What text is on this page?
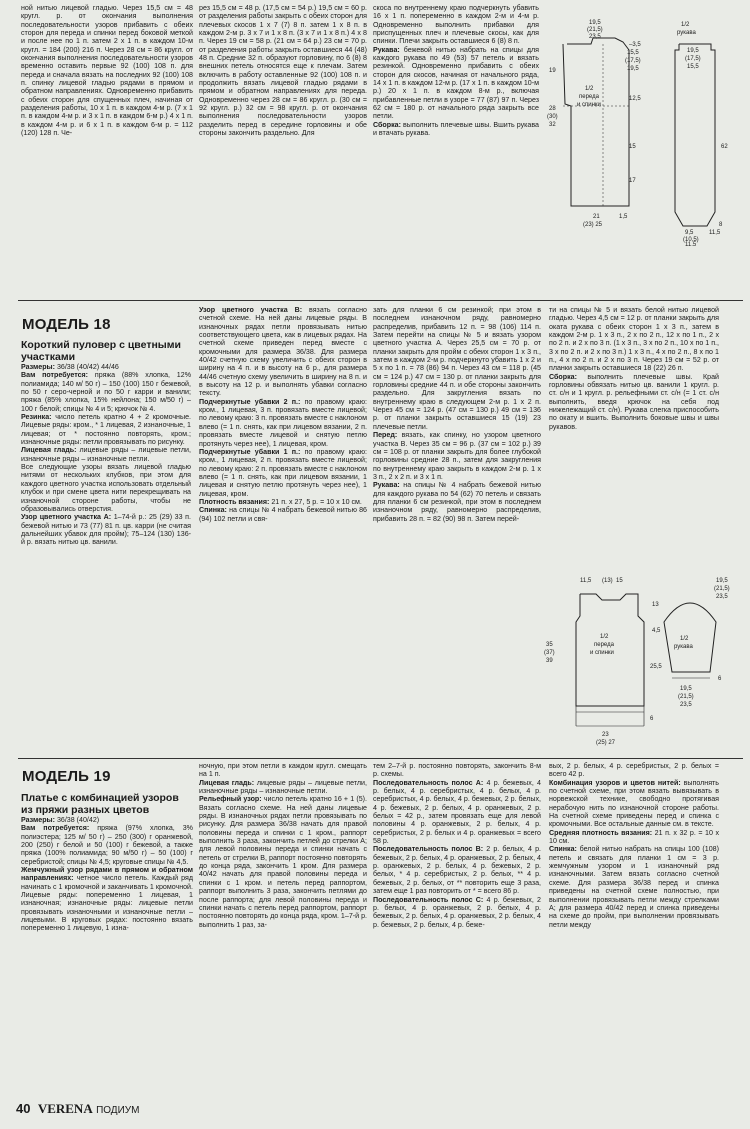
ной нитью лицевой гладью. Через 15,5 см = 48 кругл. р. от окончания выполнения последовательности узоров прибавить с обеих сторон для переда и спинки перед боковой меткой и после нее по 1 п. затем 2 х 1 п. в каждом 10-м кругл. = 184 (200) 216 п. Через 28 см = 86 кругл. от окончания выполнения последовательности узоров временно оставить первые 92 (100) 108 п. для переда и сначала вязать на последних 92 (100) 108 п. спинку лицевой гладью рядами в прямом и обратном направлениях. Одновременно прибавить с обеих сторон для спущенных плеч, начиная от разделения работы, 10 х 1 п. в каждом 4-м р. (7 х 1 п. в каждом 4-м р. и 3 х 1 п. в каждом 6-м р.) 4 х 1 п. в каждом 4-м р. и 6 х 1 п. в каждом 6-м р. = 112 (120) 128 п. Че-

рез 15,5 см = 48 р. (17,5 см = 54 р.) 19,5 см = 60 р. от разделения работы закрыть с обеих сторон для плечевых скосов 1 х 7 (7) 8 п. затем 1 х 8 п. в каждом 2-м р. 3 х 7 и 1 х 8 п. (3 х 7 и 1 х 8 п.) 4 х 8 п. Через 19 см = 58 р. (21 см = 64 р.) 23 см = 70 р. от разделения работы закрыть оставшиеся 44 (48) 48 п. Средние 32 п. образуют горловину, по 6 (8) 8 внешних петель относятся еще к плечам. Затем включить в работу оставленные 92 (100) 108 п. и продолжить вязать лицевой гладью рядами в прямом и обратном направлениях для переда. Одновременно через 28 см = 86 кругл. р. (30 см = 92 кругл. р.) 32 см = 98 кругл. р. от окончания выполнения последовательности узоров разделить перед в середине горловины и обе стороны закончить раздельно. Для

скоса по внутреннему краю подчеркнуть убавить 16 х 1 п. попеременно в каждом 2-м и 4-м р. Одновременно выполнить прибавки для приспущенных плеч и плечевые скосы, как для спинки. Плечи закрыть оставшиеся 6 (8) 8 п.

Рукава: бежевой нитью набрать на спицы для каждого рукава по 49 (53) 57 петель и вязать резинкой. Одновременно прибавить с обеих сторон для скосов, начиная от начального ряда, 14 х 1 п. в каждом 12-м р. (17 х 1 п. в каждом 10-м р.) 20 х 1 п. в каждом 8-м р., включая прибавленные петли в узоре = 77 (87) 97 п. Через 62 см = 180 р. от начального ряда закрыть все петли.

Сборка: выполнить плечевые швы. Вшить рукава и втачать рукава.

1/2
переда
и спинки
1/2
рукава
19,5
(21,5)
23,5
–3,5
15,5
(17,5)
19,5
19
28
(30)
32
12,5
15
17
21
(23) 25
1,5
62
19,5
(17,5)
15,5
9,5
(10,5)
11,5
8
11,5
МОДЕЛЬ 18

Короткий пуловер с цветными участками

Размеры: 36/38 (40/42) 44/46

Вам потребуется: пряжа (88% хлопка, 12% полиамида; 140 м/ 50 г) – 150 (100) 150 г бежевой, по 50 г серо-черной и по 50 г карри и ванили; пряжа (85% хлопка, 15% нейлона; 150 м/50 г) – 100 г белой; спицы № 4 и 5; крючок № 4.

Резинка: число петель кратно 4 + 2 кромочные. Лицевые ряды: кром., * 1 лицевая, 2 изнаночные, 1 лицевая; от * постоянно повторять, кром.; изнаночные ряды: петли провязывать по рисунку.

Лицевая гладь: лицевые ряды – лицевые петли, изнаночные ряды – изнаночные петли.

Все следующие узоры вязать лицевой гладью нитями от нескольких клубков, при этом для каждого цветного участка использовать отдельный клубок и при смене цвета нити перекрещивать на изнаночной стороне работы, чтобы не образовывались отверстия.

Узор цветного участка А: 1–74-й р.: 25 (29) 33 п. бежевой нитью и 73 (77) 81 п. цв. карри (не считая дальнейших убавок для пройм); 75–124 (130) 136-й р. вязать нитью цв. ванили.

Узор цветного участка В: вязать согласно счетной схеме. На ней даны лицевые ряды. В изнаночных рядах петли провязывать нитью соответствующего цвета, как в лицевых рядах. На счетной схеме приведен перед вместе с кромочными для размера 36/38. Для размера 40/42 счетную схему увеличить с обеих сторон в ширину на 4 п. и в высоту на 6 р., для размера 44/46 счетную схему увеличить в ширину на 8 п. и в высоту на 12 р. и выполнять убавки согласно тексту.

Подчеркнутые убавки 2 п.: по правому краю: кром., 1 лицевая, 3 п. провязать вместе лицевой; по левому краю: 3 п. провязать вместе с наклоном влево (= 1 п. снять, как при лицевом вязании, 2 п. провязать вместе лицевой и снятую петлю протянуть через нее), 1 лицевая, кром.

Подчеркнутые убавки 1 п.: по правому краю: кром., 1 лицевая, 2 п. провязать вместе лицевой; по левому краю: 2 п. провязать вместе с наклоном влево (= 1 п. снять, как при лицевом вязании, 1 лицевая и снятую петлю протянуть через нее), 1 лицевая, кром.

Плотность вязания: 21 п. х 27, 5 р. = 10 х 10 см.

Спинка: на спицы № 4 набрать бежевой нитью 86 (94) 102 петли и свя-

зать для планки 6 см резинкой; при этом в последнем изнаночном ряду, равномерно распределив, прибавить 12 п. = 98 (106) 114 п. Затем перейти на спицы № 5 и вязать узором цветного участка А. Через 25,5 см = 70 р. от планки закрыть для пройм с обеих сторон 1 х 3 п., затем в каждом 2-м р. подчеркнуто убавить 1 х 2 и 5 х по 1 п. = 78 (86) 94 п. Через 43 см = 118 р. (45 см = 124 р.) 47 см = 130 р. от планки закрыть для горловины средние 44 п. и обе стороны закончить раздельно. Для закругления вязать по внутреннему краю в следующем 2-м р. 1 х 2 п. Через 45 см = 124 р. (47 см = 130 р.) 49 см = 136 р. от планки закрыть оставшиеся 15 (19) 23 плечевые петли.

Перед: вязать, как спинку, но узором цветного участка В. Через 35 см = 96 р. (37 см = 102 р.) 39 см = 108 р. от планки закрыть для более глубокой горловины средние 28 п., затем для закругления по внутреннему краю закрыть в каждом 2-м р. 1 х 3 п., 2 х 2 п. и 3 х 1 п.

Рукава: на спицы № 4 набрать бежевой нитью для каждого рукава по 54 (62) 70 петель и связать для планки 6 см резинкой, при этом в последнем изнаночном ряду, равномерно распределив, прибавить 28 п. = 82 (90) 98 п. Затем перей-

ти на спицы № 5 и вязать белой нитью лицевой гладью. Через 4,5 см = 12 р. от планки закрыть для оката рукава с обеих сторон 1 х 3 п., затем в каждом 2-м р. 1 х 3 п., 2 х по 2 п., 12 х по 1 п., 2 х по 2 п. и 2 х по 3 п. (1 х 3 п., 3 х по 2 п., 10 х по 1 п., 3 х по 2 п. и 2 х по 3 п.) 1 х 3 п., 4 х по 2 п., 8 х по 1 п., 4 х по 2 п. и 2 х по 3 п. Через 19 см = 52 р. от планки закрыть оставшиеся 18 (22) 26 п.

Сборка: выполнить плечевые швы. Край горловины обвязать нитью цв. ванили 1 кругл. р. ст. с/н и 1 кругл. р. рельефными ст. с/н (= 1 ст. с/н выполнить, введя крючок на себя под нижележащий ст. с/н). Рукава слегка приспособить по окату и вшить. Выполнить боковые швы и швы рукавов.

1/2
переда
и спинки
1/2
рукава
11,5 (13) 15
35
(37)
39
25,5
6
23
(25) 27
19,5
(21,5)
23,5
13
4,5
6
19,5
(21,5)
23,5
МОДЕЛЬ 19

Платье с комбинацией узоров из пряжи разных цветов

Размеры: 36/38 (40/42)

Вам потребуется: пряжа (97% хлопка, 3% полиэстера; 125 м/ 50 г) – 250 (300) г оранжевой, 200 (250) г белой и 50 (100) г бежевой, а также пряжа (100% полиамида; 90 м/50 г) – 50 (100) г серебристой; спицы № 4,5; круговые спицы № 4,5.

Жемчужный узор рядами в прямом и обратном направлениях: четное число петель. Каждый ряд начинать с 1 кромочной и заканчивать 1 кромочной. Лицевые ряды: попеременно 1 лицевая, 1 изнаночная; изнаночные ряды: лицевые петли провязывать изнаночными и изнаночные петли – лицевыми. В круговых рядах: постоянно вязать попеременно 1 лицевую, 1 изна-

ночную, при этом петли в каждом кругл. смещать на 1 п.

Лицевая гладь: лицевые ряды – лицевые петли, изнаночные ряды – изнаночные петли.

Рельефный узор: число петель кратно 16 + 1 (5). Вязать согласно схеме. На ней даны лицевые ряды. В изнаночных рядах петли провязывать по рисунку. Для размера 36/38 начать для правой половины переда и спинки с 1 кром., раппорт выполнить 3 раза, закончить петлей до стрелки А; для левой половины переда и спинки начать с петель от стрелки В, раппорт постоянно повторять до конца ряда, закончить 1 кром. Для размера 40/42 начать для правой половины переда и спинки с 1 кром. и петель перед раппортом, раппорт выполнить 3 раза, закончить петлями до после раппорта; для левой половины переда и спинки начать с петель перед раппортом, раппорт постоянно повторять до конца ряда, кром. 1–7-й р. выполнить 1 раз, за-

тем 2–7-й р. постоянно повторять, закончить 8-м р. схемы.

Последовательность полос А: 4 р. бежевых, 4 р. белых, 4 р. серебристых, 4 р. белых, 4 р. серебристых, 4 р. белых, 4 р. бежевых, 2 р. белых, 4 р. бежевых, 2 р. белых, 4 р. оранжевых, 2 р. белых = 42 р., затем провязать еще для левой половины 4 р. оранжевых, 2 р. белых, 4 р. серебристых, 2 р. белых и 4 р. оранжевых = всего 58 р.

Последовательность полос В: 2 р. белых, 4 р. бежевых, 2 р. белых, 4 р. оранжевых, 2 р. белых, 4 р. оранжевых, 2 р. белых, 4 р. бежевых, 2 р. белых, * 4 р. серебристых, 2 р. белых, ** 4 р. бежевых, 2 р. белых, от ** повторить еще 3 раза, затем еще 1 раз повторить от * = всего 86 р.

Последовательность полос С: 4 р. бежевых, 2 р. белых, 4 р. оранжевых, 2 р. белых, 4 р. бежевых, 2 р. белых, 4 р. оранжевых, 2 р. белых, 4 р. бежевых, 2 р. белых, 4 р. беже-

вых, 2 р. белых, 4 р. серебристых, 2 р. белых = всего 42 р.

Комбинация узоров и цветов нитей: выполнять по счетной схеме, при этом вязать вывязывать в норвежской технике, свободно протягивая нерабочую нить по изнаночной стороне работы. На счетной схеме приведены перед и спинка с кромочными. Все остальные данные см. в тексте.

Средняя плотность вязания: 21 п. х 32 р. = 10 х 10 см.

Спинка: белой нитью набрать на спицы 100 (108) петель и связать для планки 1 см = 3 р. жемчужным узором и 1 изнаночный ряд изнаночными. Затем вязать согласно счетной схеме. Для размера 36/38 перед и спинка приведены на счетной схеме полностью, при выполнении провязывать петли между стрелками А; для размера 40/42 перед и спинка приведены на схеме до пройм, при выполнении провязывать петли между

40 VERENA ПОДИУМ
